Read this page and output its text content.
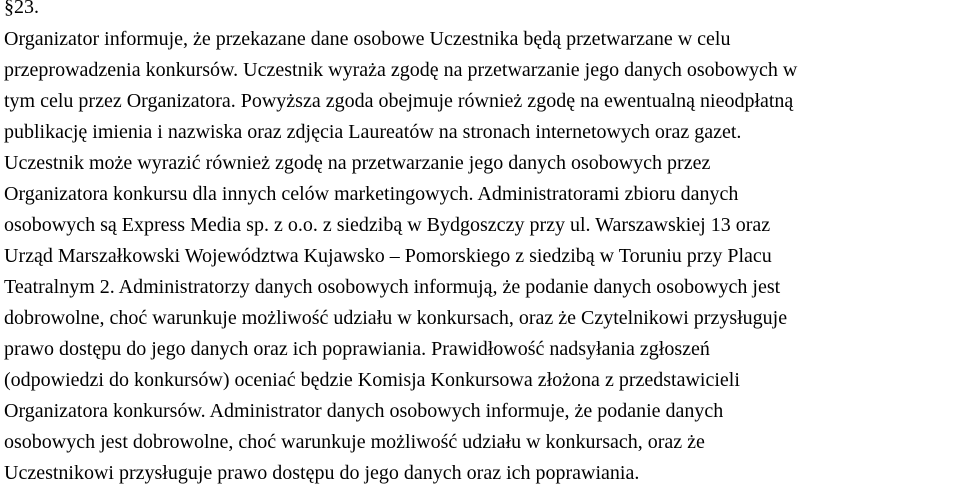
§23.
Organizator informuje, że przekazane dane osobowe Uczestnika będą przetwarzane w celu
przeprowadzenia konkursów. Uczestnik wyraża zgodę na przetwarzanie jego danych osobowych w
tym celu przez Organizatora. Powyższa zgoda obejmuje również zgodę na ewentualną nieodpłatną
publikację imienia i nazwiska oraz zdjęcia Laureatów na stronach internetowych oraz gazet.
Uczestnik może wyrazić również zgodę na przetwarzanie jego danych osobowych przez
Organizatora konkursu dla innych celów marketingowych. Administratorami zbioru danych
osobowych są Express Media sp. z o.o. z siedzibą w Bydgoszczy przy ul. Warszawskiej 13 oraz
Urząd Marszałkowski Województwa Kujawsko – Pomorskiego z siedzibą w Toruniu przy Placu
Teatralnym 2. Administratorzy danych osobowych informują, że podanie danych osobowych jest
dobrowolne, choć warunkuje możliwość udziału w konkursach, oraz że Czytelnikowi przysługuje
prawo dostępu do jego danych oraz ich poprawiania. Prawidłowość nadsyłania zgłoszeń
(odpowiedzi do konkursów) oceniać będzie Komisja Konkursowa złożona z przedstawicieli
Organizatora konkursów. Administrator danych osobowych informuje, że podanie danych
osobowych jest dobrowolne, choć warunkuje możliwość udziału w konkursach, oraz że
Uczestnikowi przysługuje prawo dostępu do jego danych oraz ich poprawiania.
